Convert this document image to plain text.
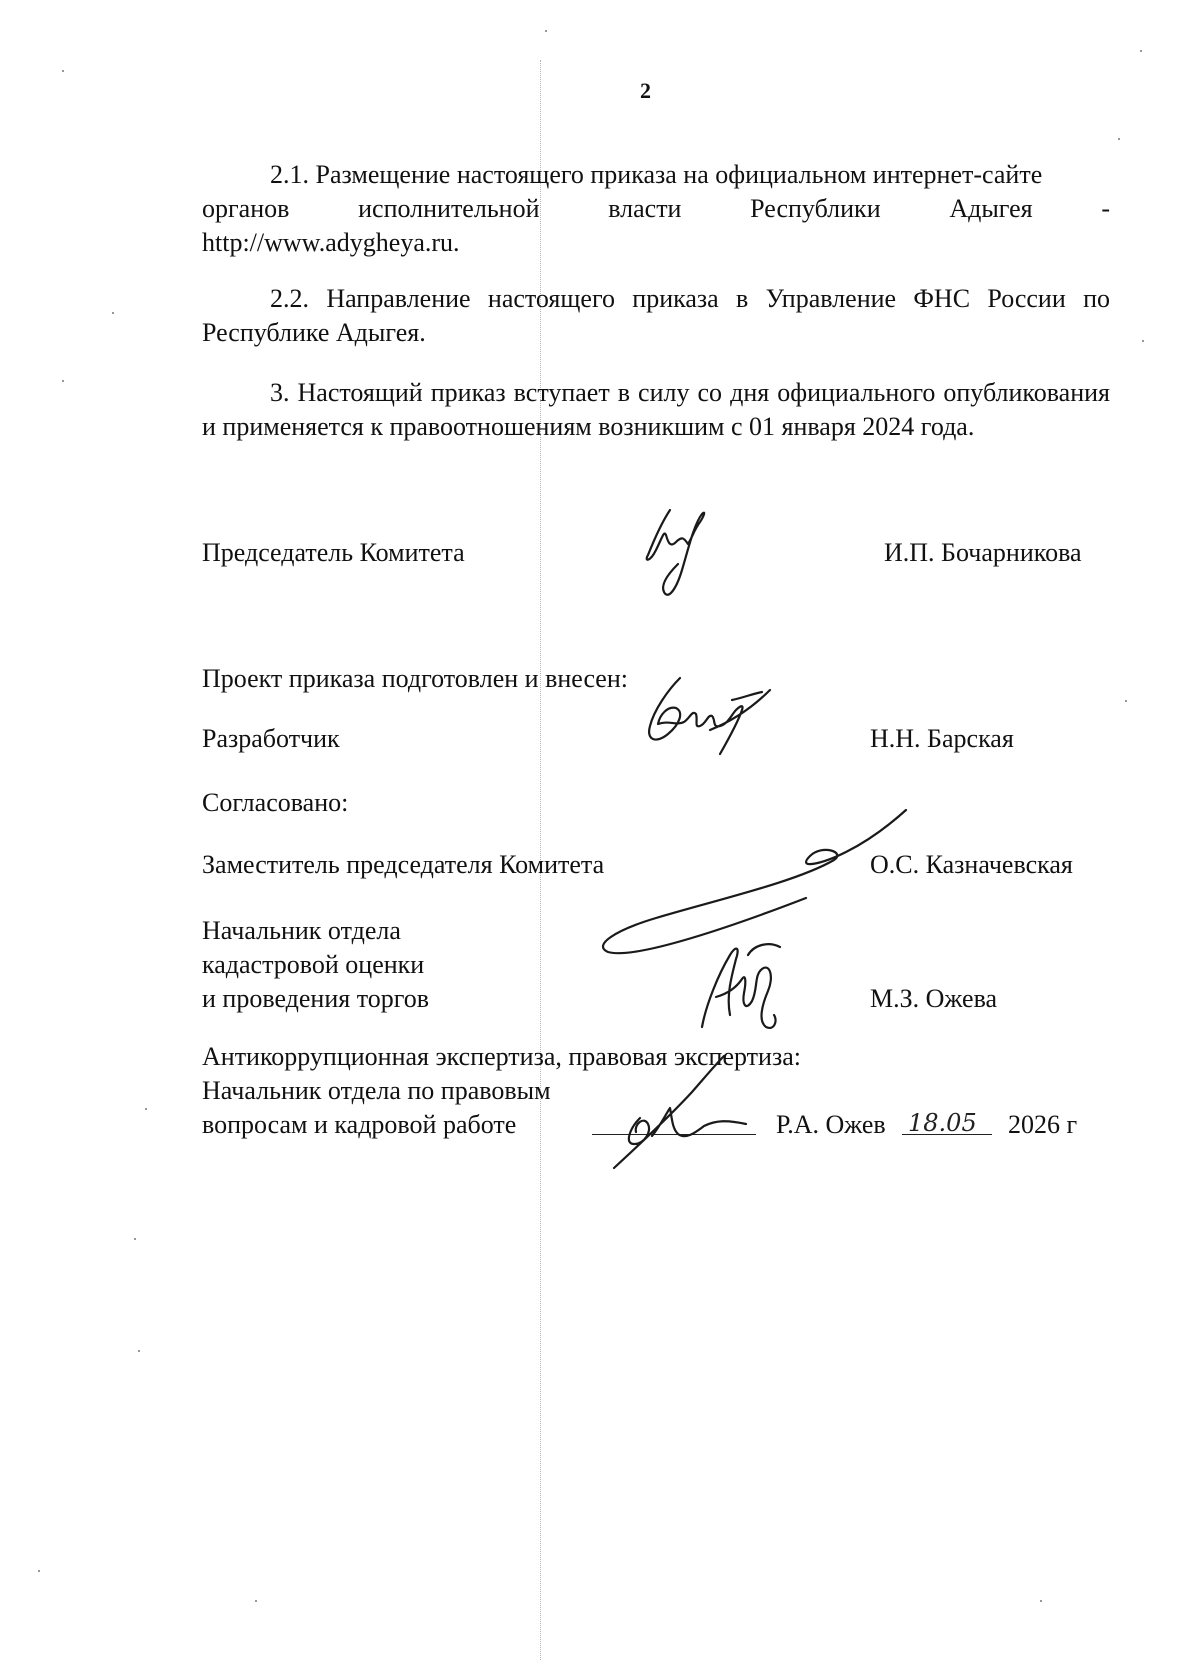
2
2.1. Размещение настоящего приказа на официальном интернет-сайте
органов	исполнительной	власти	Республики	Адыгея	-
http://www.adygheya.ru.
2.2. Направление настоящего приказа в Управление ФНС России по Республике Адыгея.
3. Настоящий приказ вступает в силу со дня официального опубликования и применяется к правоотношениям возникшим с 01 января 2024 года.
Председатель Комитета	И.П. Бочарникова
Проект приказа подготовлен и внесен:
Разработчик	Н.Н. Барская
Согласовано:
Заместитель председателя Комитета	О.С. Казначевская
Начальник отдела
кадастровой оценки
и проведения торгов	М.З. Ожева
Антикоррупционная экспертиза, правовая экспертиза:
Начальник отдела по правовым
вопросам и кадровой работе	Р.А. Ожев 18.05 2026 г
